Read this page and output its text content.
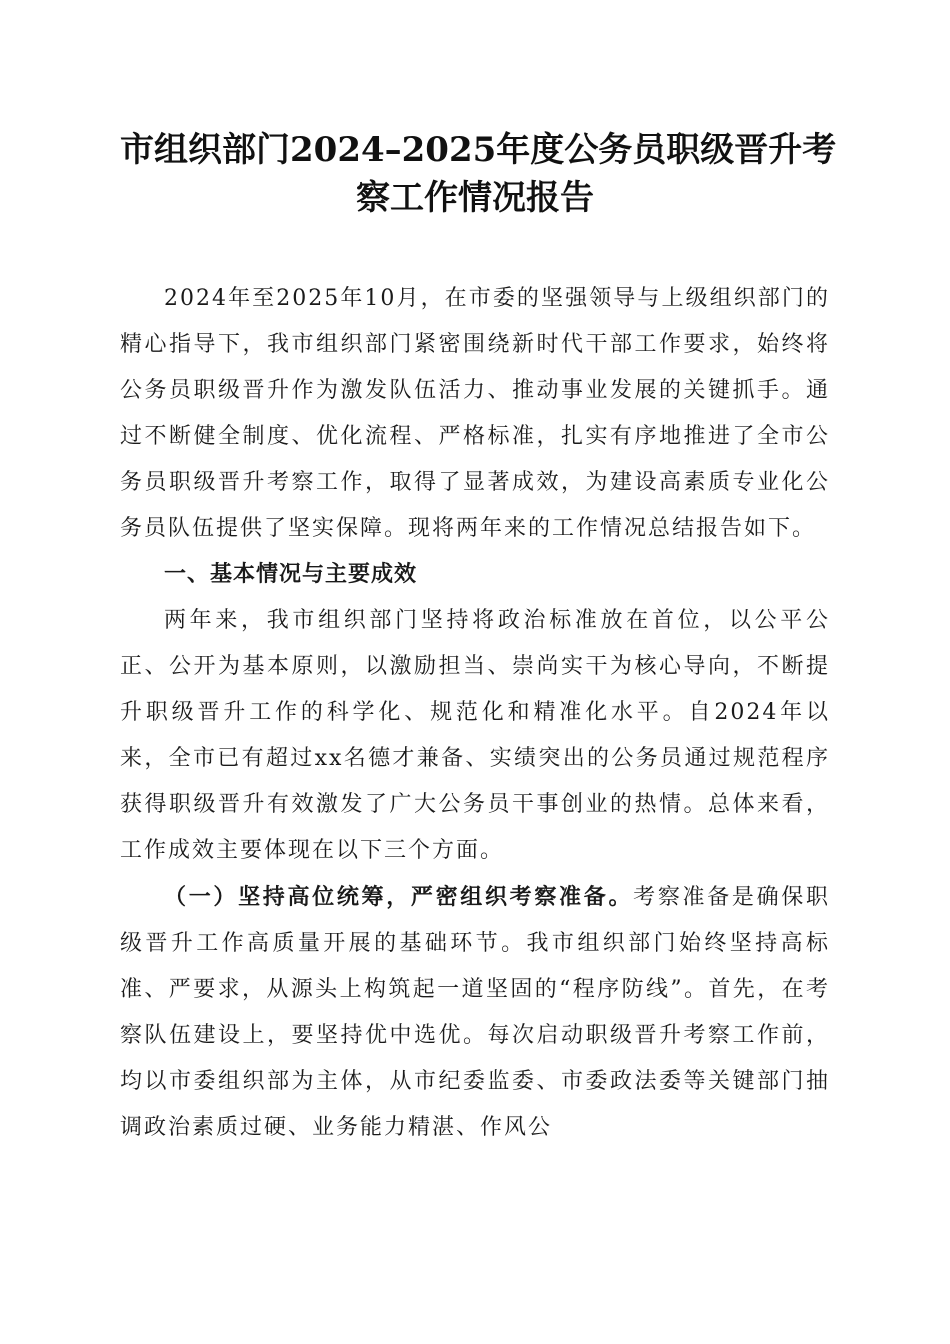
市组织部门2024–2025年度公务员职级晋升考
察工作情况报告

2024年至2025年10月，在市委的坚强领导与上级组织部门的精心指导下，我市组织部门紧密围绕新时代干部工作要求，始终将公务员职级晋升作为激发队伍活力、推动事业发展的关键抓手。通过不断健全制度、优化流程、严格标准，扎实有序地推进了全市公务员职级晋升考察工作，取得了显著成效，为建设高素质专业化公务员队伍提供了坚实保障。现将两年来的工作情况总结报告如下。

一、基本情况与主要成效

两年来，我市组织部门坚持将政治标准放在首位，以公平公正、公开为基本原则，以激励担当、崇尚实干为核心导向，不断提升职级晋升工作的科学化、规范化和精准化水平。自2024年以来，全市已有超过xx名德才兼备、实绩突出的公务员通过规范程序获得职级晋升有效激发了广大公务员干事创业的热情。总体来看，工作成效主要体现在以下三个方面。

（一）坚持高位统筹，严密组织考察准备。考察准备是确保职级晋升工作高质量开展的基础环节。我市组织部门始终坚持高标准、严要求，从源头上构筑起一道坚固的“程序防线”。首先，在考察队伍建设上，要坚持优中选优。每次启动职级晋升考察工作前，均以市委组织部为主体，从市纪委监委、市委政法委等关键部门抽调政治素质过硬、业务能力精湛、作风公
